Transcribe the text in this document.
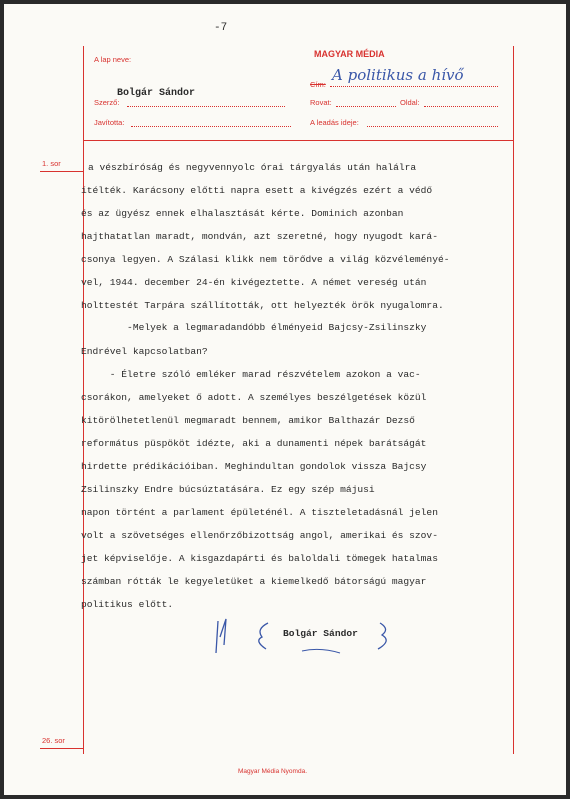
-7
A lap neve:
MAGYAR MÉDIA
Bolgár Sándor
Szerző:
Javította:
Cím:
A politikus a hívő
Rovat:	Oldal:
A leadás ideje:
1. sor
26. sor
a vészbíróság és negyvennyolc órai tárgyalás után halálra
ítélték. Karácsony előtti napra esett a kivégzés ezért a védő
és az ügyész ennek elhalasztását kérte. Dominich azonban
hajthatatlan maradt, mondván, azt szeretné, hogy nyugodt kará-
csonya legyen. A Szálasi klikk nem törődve a világ közvéleményé-
vel, 1944. december 24-én kivégeztette. A német vereség után
holttestét Tarpára szállították, ott helyezték örök nyugalomra.
-Melyek a legmaradandóbb élményeid Bajcsy-Zsilinszky
Endrével kapcsolatban?
- Életre szóló emléker marad részvételem azokon a vac-
csorákon, amelyeket ő adott. A személyes beszélgetések közül
kitörölhetetlenül megmaradt bennem, amikor Balthazár Dezső
református püspököt idézte, aki a dunamenti népek barátságát
hirdette prédikációiban. Meghindultan gondolok vissza Bajcsy
Zsilinszky Endre búcsúztatására. Ez egy szép májusi
napon történt a parlament épületénél. A tiszteletadásnál jelen
volt a szövetséges ellenőrzőbizottság angol, amerikai és szov-
jet képviselője. A kisgazdapárti és baloldali tömegek hatalmas
számban rótták le kegyeletüket a kiemelkedő bátorságú magyar
politikus előtt.
Bolgár Sándor
Magyar Média Nyomda.
